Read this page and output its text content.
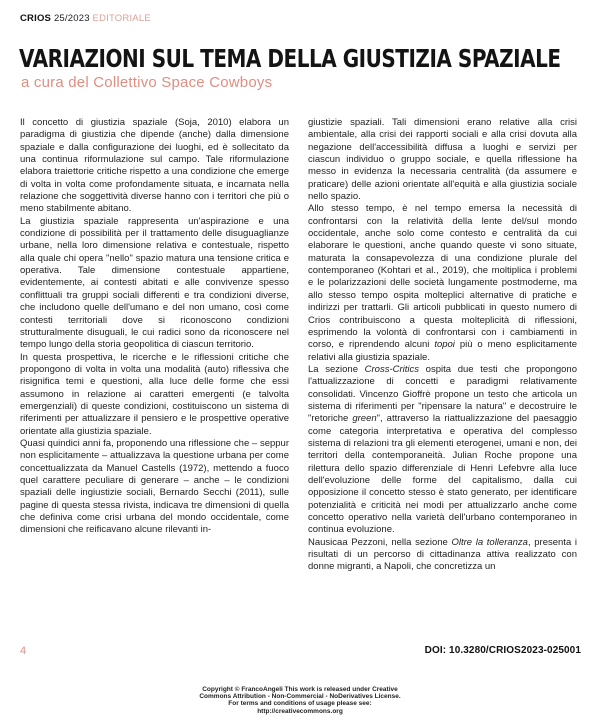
CRIOS 25/2023 EDITORIALE
VARIAZIONI SUL TEMA DELLA GIUSTIZIA SPAZIALE
a cura del Collettivo Space Cowboys

Il concetto di giustizia spaziale (Soja, 2010) elabora un paradigma di giustizia che dipende (anche) dalla dimensione spaziale e dalla configurazione dei luoghi, ed è sollecitato da una continua riformulazione sul campo. Tale riformulazione elabora traiettorie critiche rispetto a una condizione che emerge di volta in volta come profondamente situata, e incarnata nella relazione che soggettività diverse hanno con i territori che più o meno stabilmente abitano.

La giustizia spaziale rappresenta un'aspirazione e una condizione di possibilità per il trattamento delle disuguaglianze urbane, nella loro dimensione relativa e contestuale, rispetto alla quale chi opera "nello" spazio matura una tensione critica e operativa. Tale dimensione contestuale appartiene, evidentemente, ai contesti abitati e alle convivenze spesso conflittuali tra gruppi sociali differenti e tra condizioni diverse, che includono quelle dell'umano e del non umano, così come contesti territoriali dove si riconoscono condizioni strutturalmente disuguali, le cui radici sono da riconoscere nel tempo lungo della storia geopolitica di ciascun territorio.

In questa prospettiva, le ricerche e le riflessioni critiche che propongono di volta in volta una modalità (auto) riflessiva che risignifica temi e questioni, alla luce delle forme che essi assumono in relazione ai caratteri emergenti (e talvolta emergenziali) di queste condizioni, costituiscono un sistema di riferimenti per attualizzare il pensiero e le prospettive operative orientate alla giustizia spaziale.

Quasi quindici anni fa, proponendo una riflessione che – seppur non esplicitamente – attualizzava la questione urbana per come concettualizzata da Manuel Castells (1972), mettendo a fuoco quel carattere peculiare di generare – anche – le condizioni spaziali delle ingiustizie sociali, Bernardo Secchi (2011), sulle pagine di questa stessa rivista, indicava tre dimensioni di quella che definiva come crisi urbana del mondo occidentale, come dimensioni che reificavano alcune rilevanti in-

giustizie spaziali. Tali dimensioni erano relative alla crisi ambientale, alla crisi dei rapporti sociali e alla crisi dovuta alla negazione dell'accessibilità diffusa a luoghi e servizi per ciascun individuo o gruppo sociale, e quella riflessione ha messo in evidenza la necessaria centralità (da assumere e praticare) delle azioni orientate all'equità e alla giustizia sociale nello spazio.

Allo stesso tempo, è nel tempo emersa la necessità di confrontarsi con la relatività della lente del/sul mondo occidentale, anche solo come contesto e centralità da cui elaborare le questioni, anche quando queste vi sono situate, maturata la consapevolezza di una condizione plurale del contemporaneo (Kohtari et al., 2019), che moltiplica i problemi e le polarizzazioni delle società lungamente postmoderne, ma allo stesso tempo ospita molteplici alternative di pratiche e indirizzi per trattarli. Gli articoli pubblicati in questo numero di Crios contribuiscono a questa molteplicità di riflessioni, esprimendo la volontà di confrontarsi con i cambiamenti in corso, e riprendendo alcuni topoi più o meno esplicitamente relativi alla giustizia spaziale.

La sezione Cross-Critics ospita due testi che propongono l'attualizzazione di concetti e paradigmi relativamente consolidati. Vincenzo Gioffrè propone un testo che articola un sistema di riferimenti per "ripensare la natura" e decostruire le "retoriche green", attraverso la riattualizzazione del paesaggio come categoria interpretativa e operativa del complesso sistema di relazioni tra gli elementi eterogenei, umani e non, dei territori della contemporaneità. Julian Roche propone una rilettura dello spazio differenziale di Henri Lefebvre alla luce dell'evoluzione delle forme del capitalismo, dalla cui opposizione il concetto stesso è stato generato, per identificare potenzialità e criticità nei modi per attualizzarlo anche come concetto operativo nella varietà dell'urbano contemporaneo in continua evoluzione.

Nausicaa Pezzoni, nella sezione Oltre la tolleranza, presenta i risultati di un percorso di cittadinanza attiva realizzato con donne migranti, a Napoli, che concretizza un

4	DOI: 10.3280/CRIOS2023-025001
Copyright © FrancoAngeli This work is released under Creative
Commons Attribution - Non-Commercial - NoDerivatives License.
For terms and conditions of usage please see:
http://creativecommons.org
